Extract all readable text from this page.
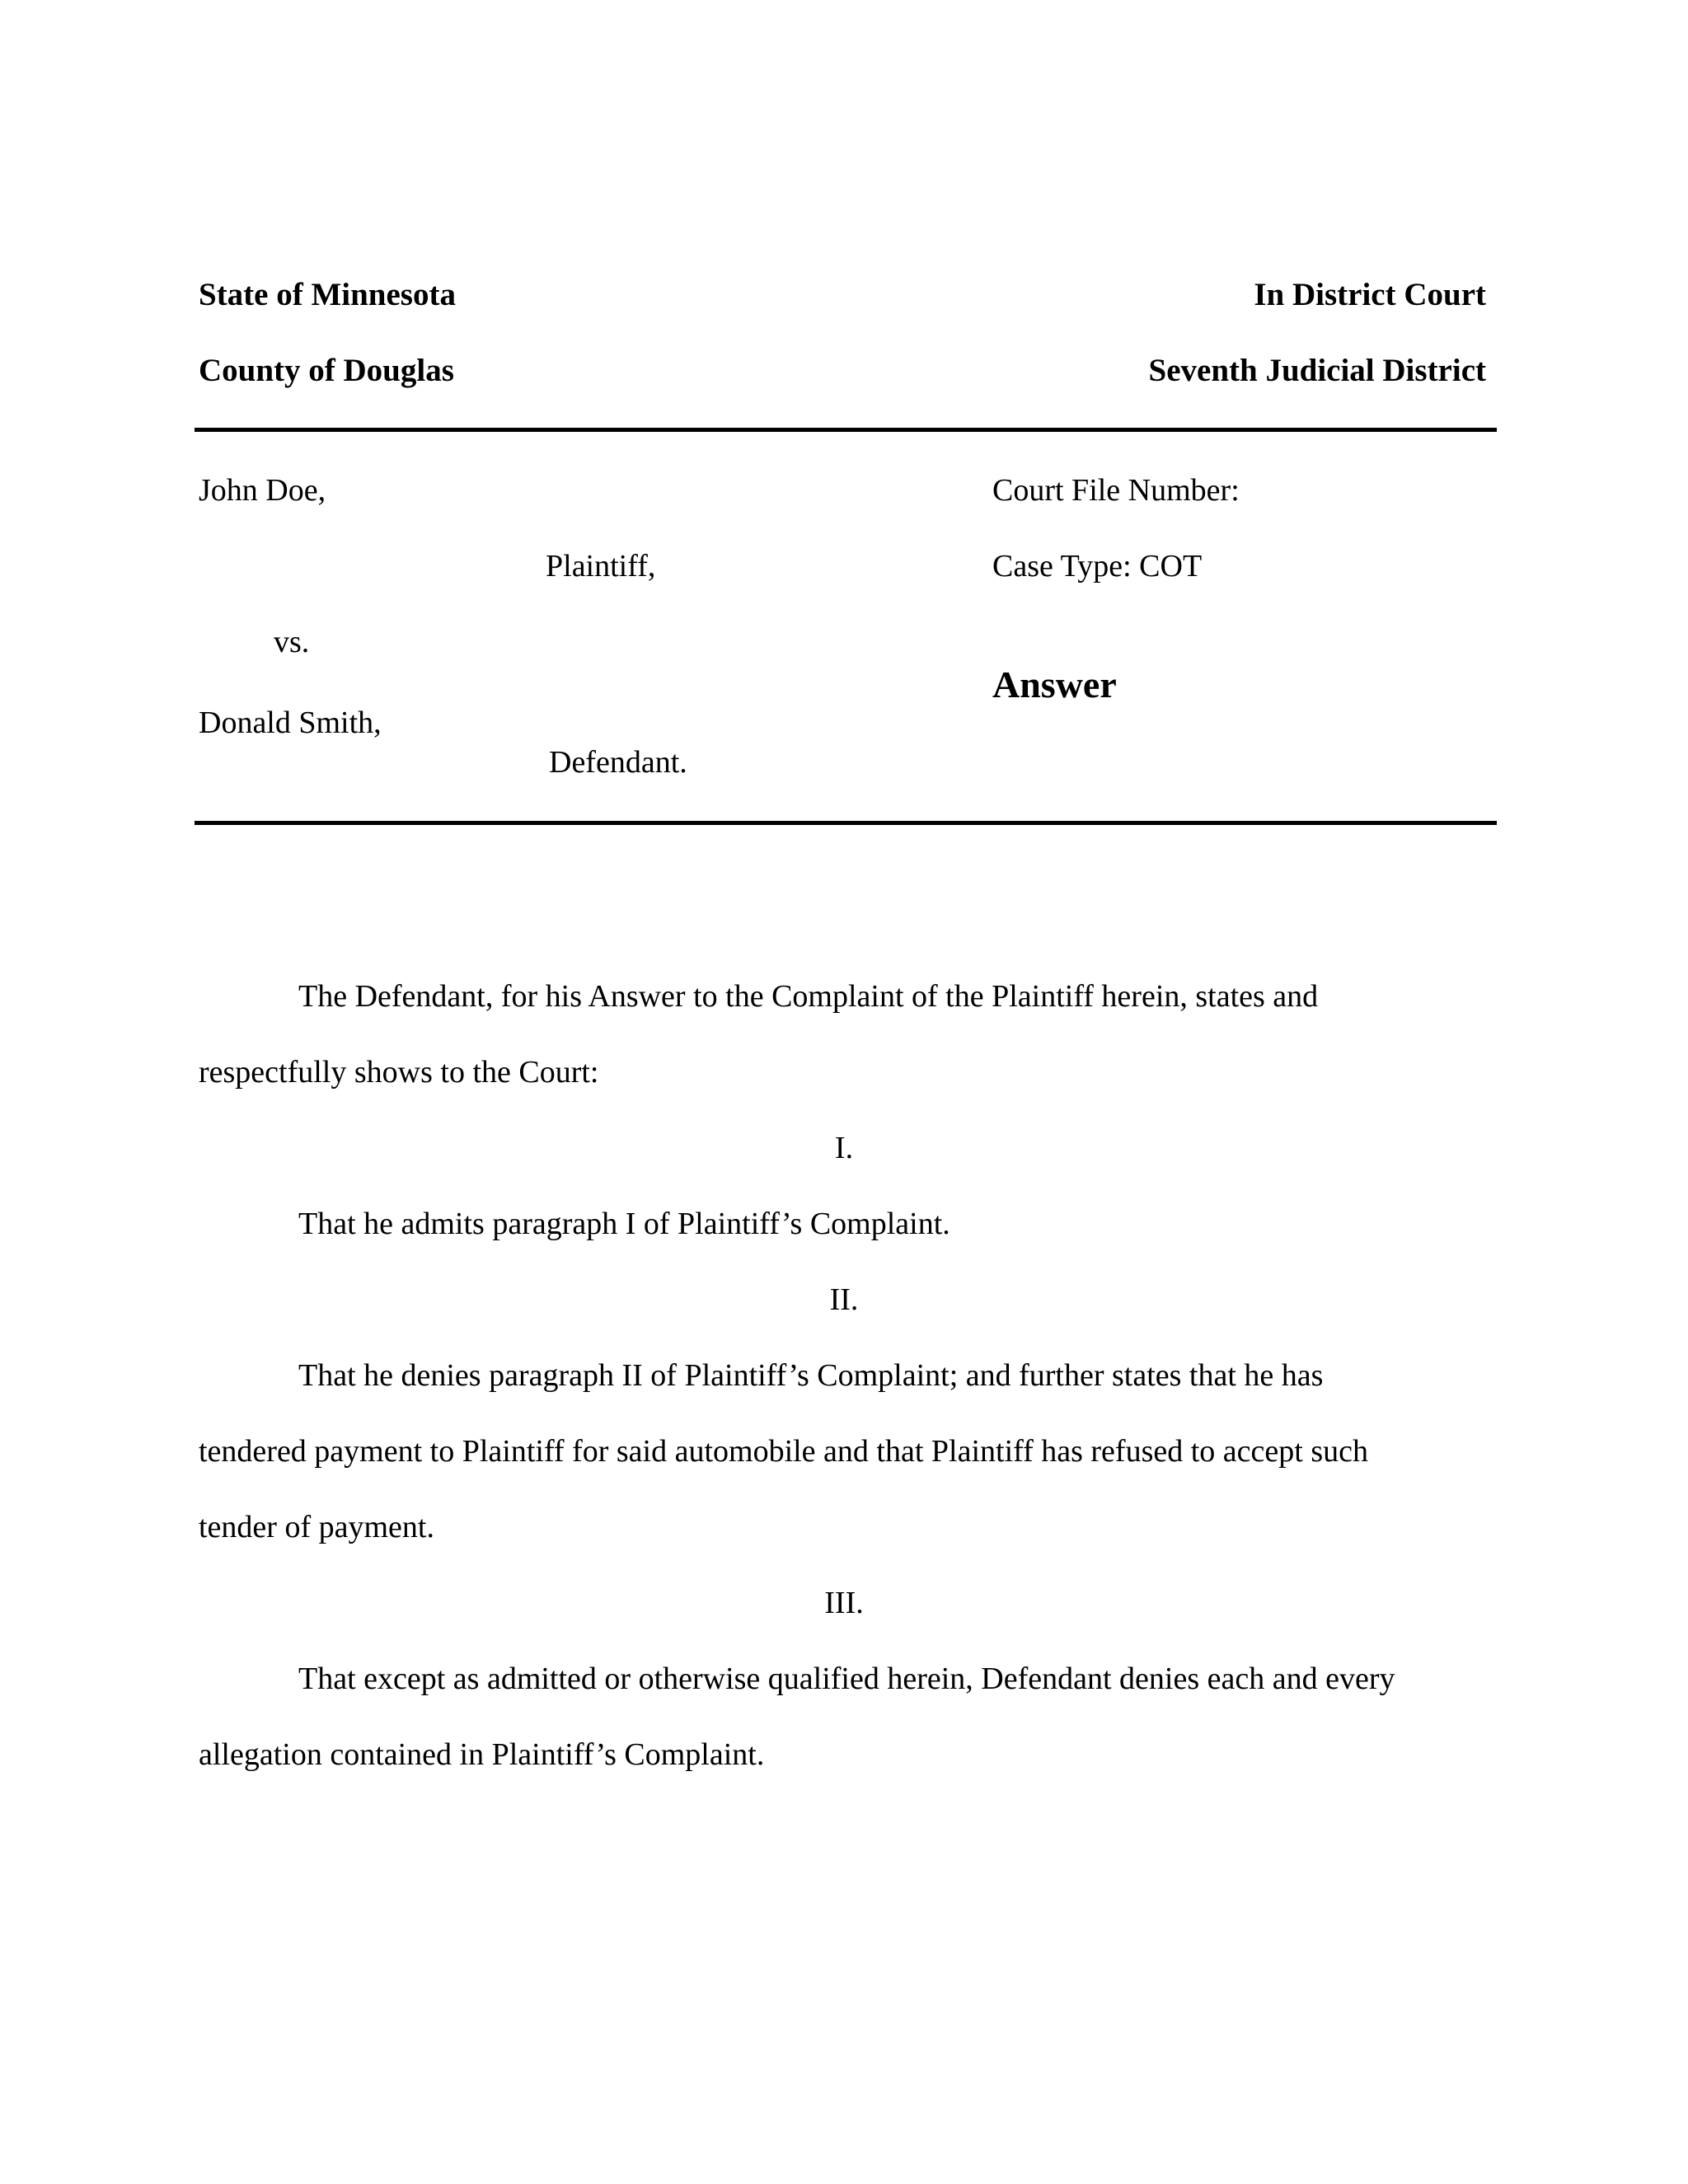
State of Minnesota
County of Douglas
In District Court
Seventh Judicial District
John Doe,
Plaintiff,
vs.
Donald Smith,
Defendant.
Court File Number:
Case Type: COT
Answer
The Defendant, for his Answer to the Complaint of the Plaintiff herein, states and
respectfully shows to the Court:
I.
That he admits paragraph I of Plaintiff’s Complaint.
II.
That he denies paragraph II of Plaintiff’s Complaint; and further states that he has
tendered payment to Plaintiff for said automobile and that Plaintiff has refused to accept such
tender of payment.
III.
That except as admitted or otherwise qualified herein, Defendant denies each and every
allegation contained in Plaintiff’s Complaint.
